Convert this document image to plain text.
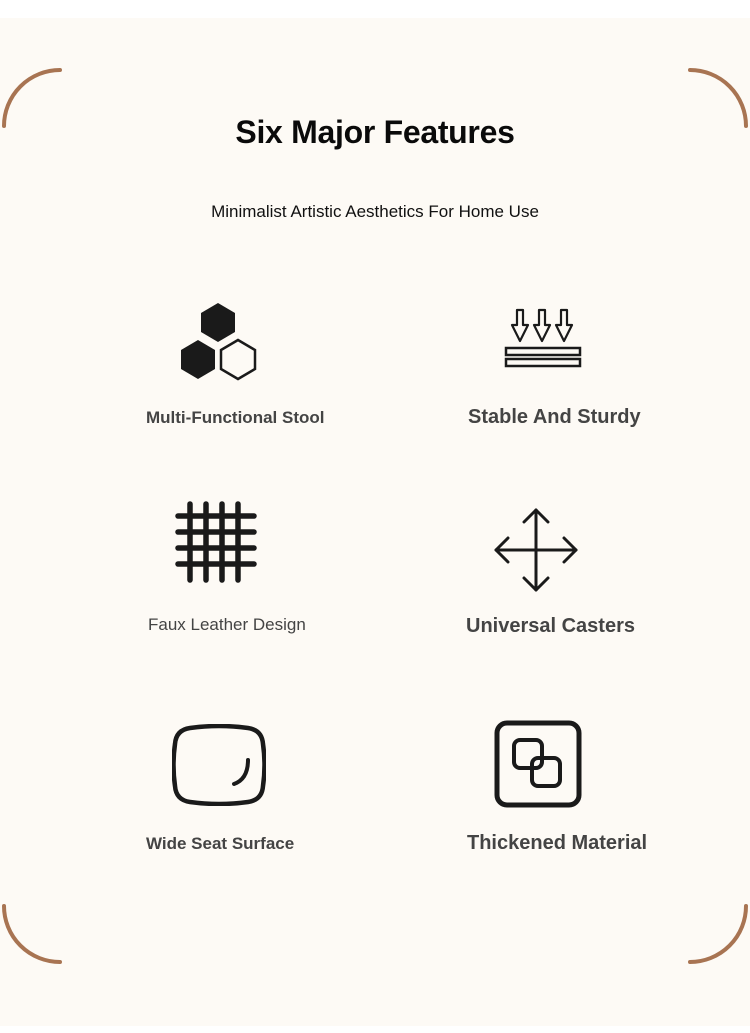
Six Major Features
Minimalist Artistic Aesthetics For Home Use
Multi-Functional Stool	Stable And Sturdy
Faux Leather Design	Universal Casters
Wide Seat Surface	Thickened Material
